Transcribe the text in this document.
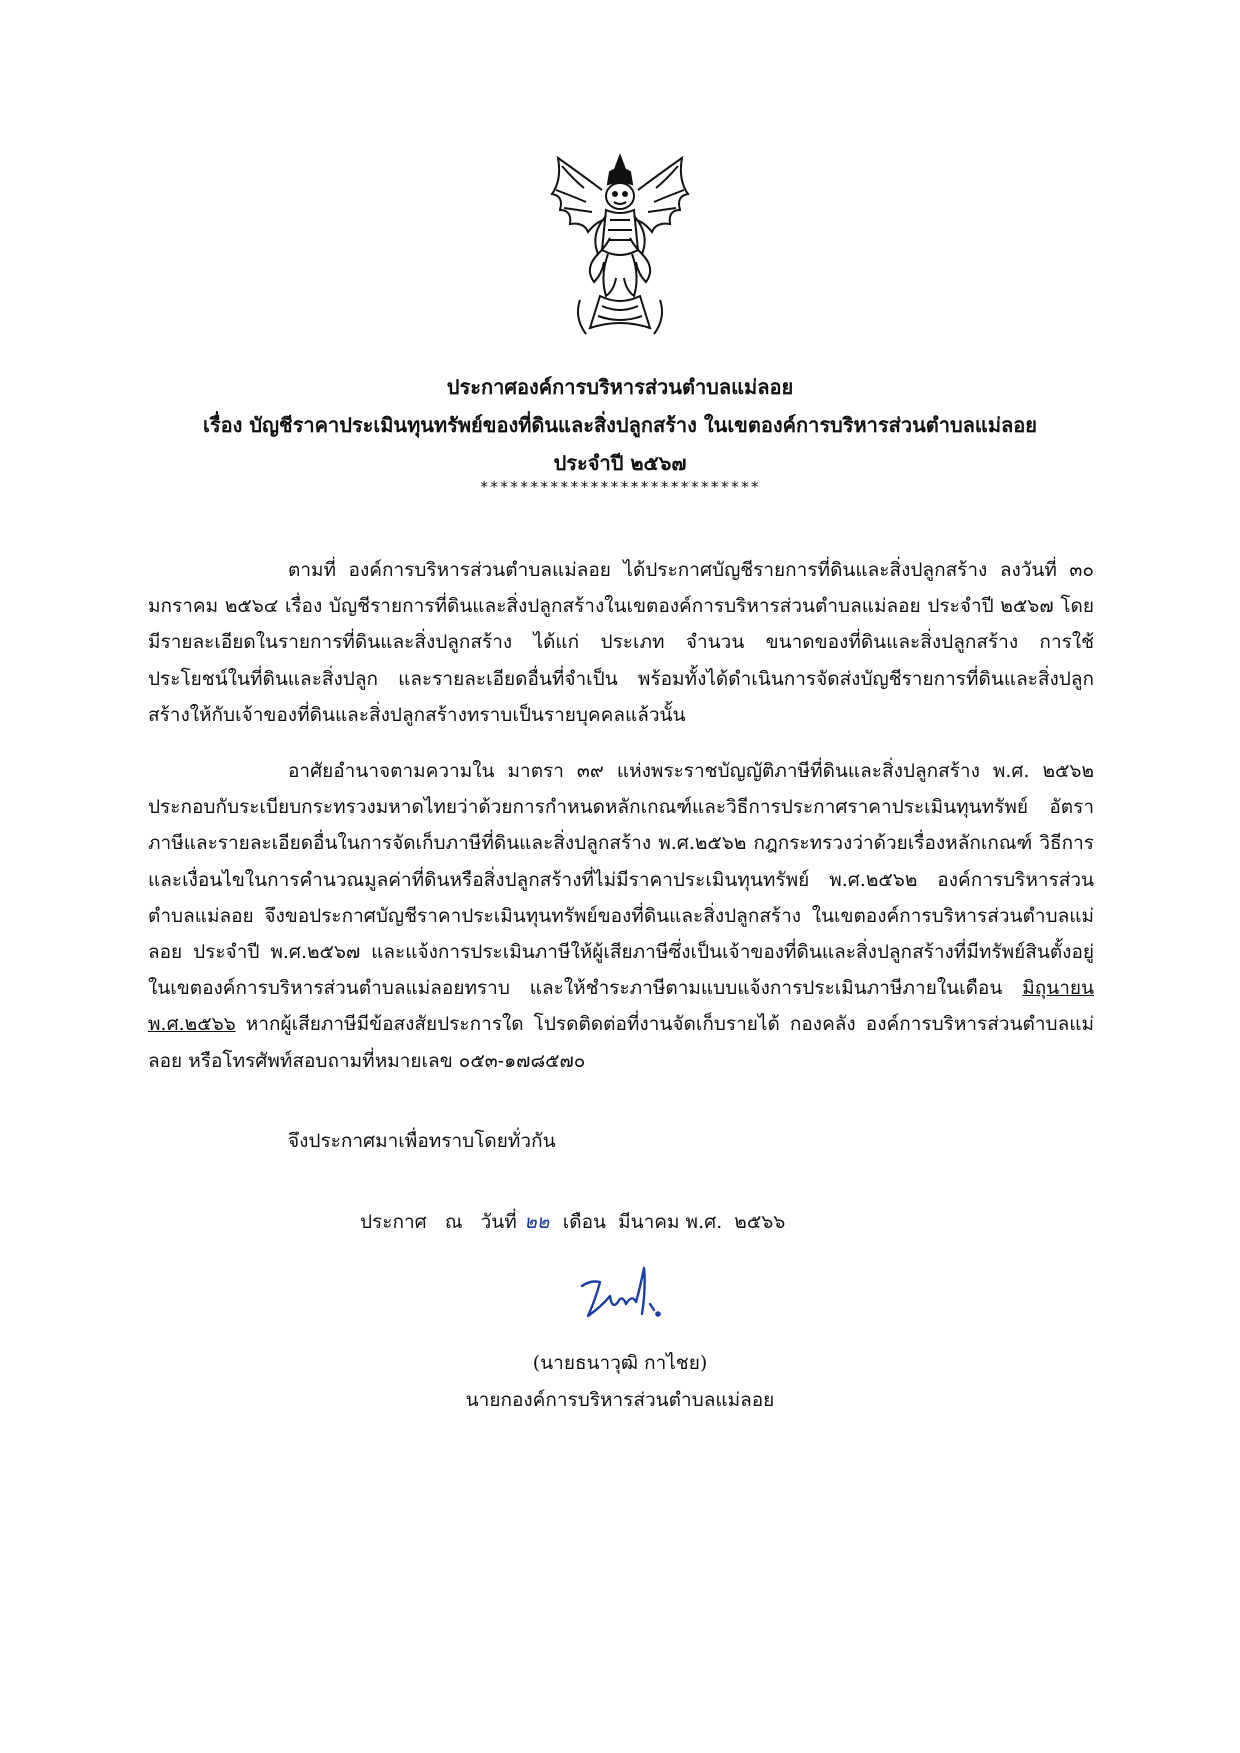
ประกาศองค์การบริหารส่วนตำบลแม่ลอย
เรื่อง บัญชีราคาประเมินทุนทรัพย์ของที่ดินและสิ่งปลูกสร้าง ในเขตองค์การบริหารส่วนตำบลแม่ลอย
ประจำปี ๒๕๖๗
****************************
ตามที่ องค์การบริหารส่วนตำบลแม่ลอย ได้ประกาศบัญชีรายการที่ดินและสิ่งปลูกสร้าง ลงวันที่ ๓๐ มกราคม ๒๕๖๔ เรื่อง บัญชีรายการที่ดินและสิ่งปลูกสร้างในเขตองค์การบริหารส่วนตำบลแม่ลอย ประจำปี ๒๕๖๗ โดยมีรายละเอียดในรายการที่ดินและสิ่งปลูกสร้าง ได้แก่ ประเภท จำนวน ขนาดของที่ดินและสิ่งปลูกสร้าง การใช้ประโยชน์ในที่ดินและสิ่งปลูก และรายละเอียดอื่นที่จำเป็น พร้อมทั้งได้ดำเนินการจัดส่งบัญชีรายการที่ดินและสิ่งปลูกสร้างให้กับเจ้าของที่ดินและสิ่งปลูกสร้างทราบเป็นรายบุคคลแล้วนั้น
อาศัยอำนาจตามความใน มาตรา ๓๙ แห่งพระราชบัญญัติภาษีที่ดินและสิ่งปลูกสร้าง พ.ศ. ๒๕๖๒ ประกอบกับระเบียบกระทรวงมหาดไทยว่าด้วยการกำหนดหลักเกณฑ์และวิธีการประกาศราคาประเมินทุนทรัพย์ อัตราภาษีและรายละเอียดอื่นในการจัดเก็บภาษีที่ดินและสิ่งปลูกสร้าง พ.ศ.๒๕๖๒ กฎกระทรวงว่าด้วยเรื่องหลักเกณฑ์ วิธีการ และเงื่อนไขในการคำนวณมูลค่าที่ดินหรือสิ่งปลูกสร้างที่ไม่มีราคาประเมินทุนทรัพย์ พ.ศ.๒๕๖๒ องค์การบริหารส่วนตำบลแม่ลอย จึงขอประกาศบัญชีราคาประเมินทุนทรัพย์ของที่ดินและสิ่งปลูกสร้าง ในเขตองค์การบริหารส่วนตำบลแม่ลอย ประจำปี พ.ศ.๒๕๖๗ และแจ้งการประเมินภาษีให้ผู้เสียภาษีซึ่งเป็นเจ้าของที่ดินและสิ่งปลูกสร้างที่มีทรัพย์สินตั้งอยู่ในเขตองค์การบริหารส่วนตำบลแม่ลอยทราบ และให้ชำระภาษีตามแบบแจ้งการประเมินภาษีภายในเดือน มิถุนายน พ.ศ.๒๕๖๖ หากผู้เสียภาษีมีข้อสงสัยประการใด โปรดติดต่อที่งานจัดเก็บรายได้ กองคลัง องค์การบริหารส่วนตำบลแม่ลอย หรือโทรศัพท์สอบถามที่หมายเลข ๐๕๓-๑๗๘๕๗๐
จึงประกาศมาเพื่อทราบโดยทั่วกัน
ประกาศ   ณ   วันที่ ๒๒ เดือน  มีนาคม พ.ศ.  ๒๕๖๖
(นายธนาวุฒิ กาไชย)
นายกองค์การบริหารส่วนตำบลแม่ลอย
